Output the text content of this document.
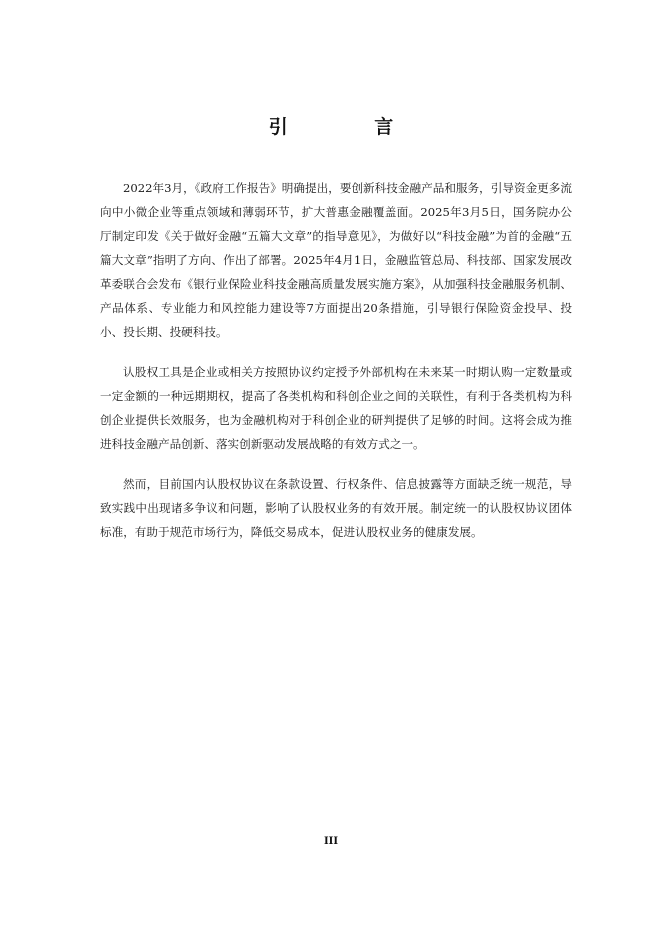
引 言

2022年3月，《政府工作报告》明确提出，要创新科技金融产品和服务，引导资金更多流向中小微企业等重点领域和薄弱环节，扩大普惠金融覆盖面。2025年3月5日，国务院办公厅制定印发《关于做好金融“五篇大文章”的指导意见》，为做好以“科技金融”为首的金融“五篇大文章”指明了方向、作出了部署。2025年4月1日，金融监管总局、科技部、国家发展改革委联合会发布《银行业保险业科技金融高质量发展实施方案》，从加强科技金融服务机制、产品体系、专业能力和风控能力建设等7方面提出20条措施，引导银行保险资金投早、投小、投长期、投硬科技。

认股权工具是企业或相关方按照协议约定授予外部机构在未来某一时期认购一定数量或一定金额的一种远期期权，提高了各类机构和科创企业之间的关联性，有利于各类机构为科创企业提供长效服务，也为金融机构对于科创企业的研判提供了足够的时间。这将会成为推进科技金融产品创新、落实创新驱动发展战略的有效方式之一。

然而，目前国内认股权协议在条款设置、行权条件、信息披露等方面缺乏统一规范，导致实践中出现诸多争议和问题，影响了认股权业务的有效开展。制定统一的认股权协议团体标准，有助于规范市场行为，降低交易成本，促进认股权业务的健康发展。

III
